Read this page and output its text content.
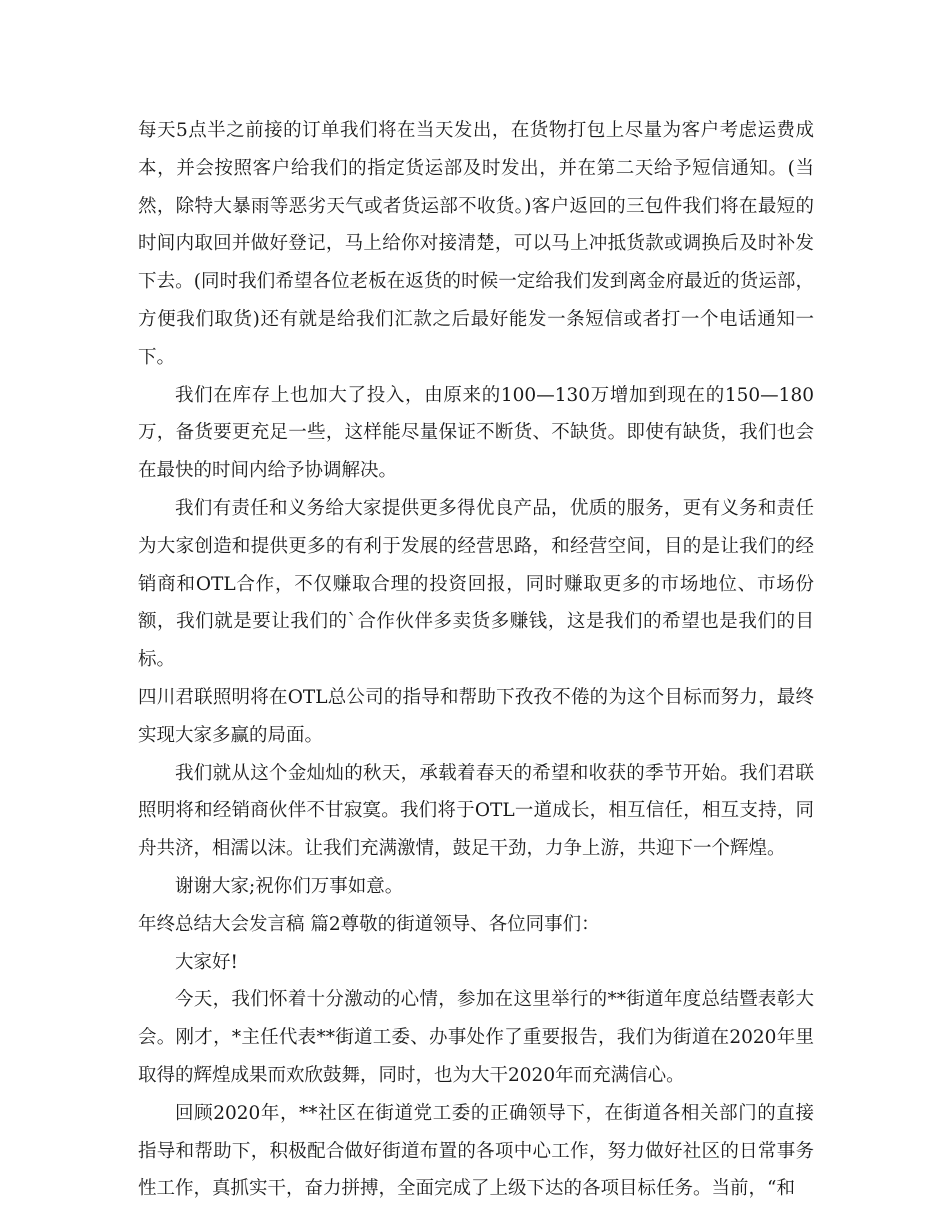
每天5点半之前接的订单我们将在当天发出，在货物打包上尽量为客户考虑运费成本，并会按照客户给我们的指定货运部及时发出，并在第二天给予短信通知。(当然，除特大暴雨等恶劣天气或者货运部不收货。)客户返回的三包件我们将在最短的时间内取回并做好登记，马上给你对接清楚，可以马上冲抵货款或调换后及时补发下去。(同时我们希望各位老板在返货的时候一定给我们发到离金府最近的货运部，方便我们取货)还有就是给我们汇款之后最好能发一条短信或者打一个电话通知一下。

我们在库存上也加大了投入，由原来的100—130万增加到现在的150—180万，备货要更充足一些，这样能尽量保证不断货、不缺货。即使有缺货，我们也会在最快的时间内给予协调解决。

我们有责任和义务给大家提供更多得优良产品，优质的服务，更有义务和责任为大家创造和提供更多的有利于发展的经营思路，和经营空间，目的是让我们的经销商和OTL合作，不仅赚取合理的投资回报，同时赚取更多的市场地位、市场份额，我们就是要让我们的`合作伙伴多卖货多赚钱，这是我们的希望也是我们的目标。

四川君联照明将在OTL总公司的指导和帮助下孜孜不倦的为这个目标而努力，最终实现大家多赢的局面。

我们就从这个金灿灿的秋天，承载着春天的希望和收获的季节开始。我们君联照明将和经销商伙伴不甘寂寞。我们将于OTL一道成长，相互信任，相互支持，同舟共济，相濡以沫。让我们充满激情，鼓足干劲，力争上游，共迎下一个辉煌。

谢谢大家;祝你们万事如意。

年终总结大会发言稿 篇2尊敬的街道领导、各位同事们：

大家好!

今天，我们怀着十分激动的心情，参加在这里举行的**街道年度总结暨表彰大会。刚才，*主任代表**街道工委、办事处作了重要报告，我们为街道在2020年里取得的辉煌成果而欢欣鼓舞，同时，也为大干2020年而充满信心。

回顾2020年，**社区在街道党工委的正确领导下，在街道各相关部门的直接指导和帮助下，积极配合做好街道布置的各项中心工作，努力做好社区的日常事务性工作，真抓实干，奋力拼搏，全面完成了上级下达的各项目标任务。当前，“和
